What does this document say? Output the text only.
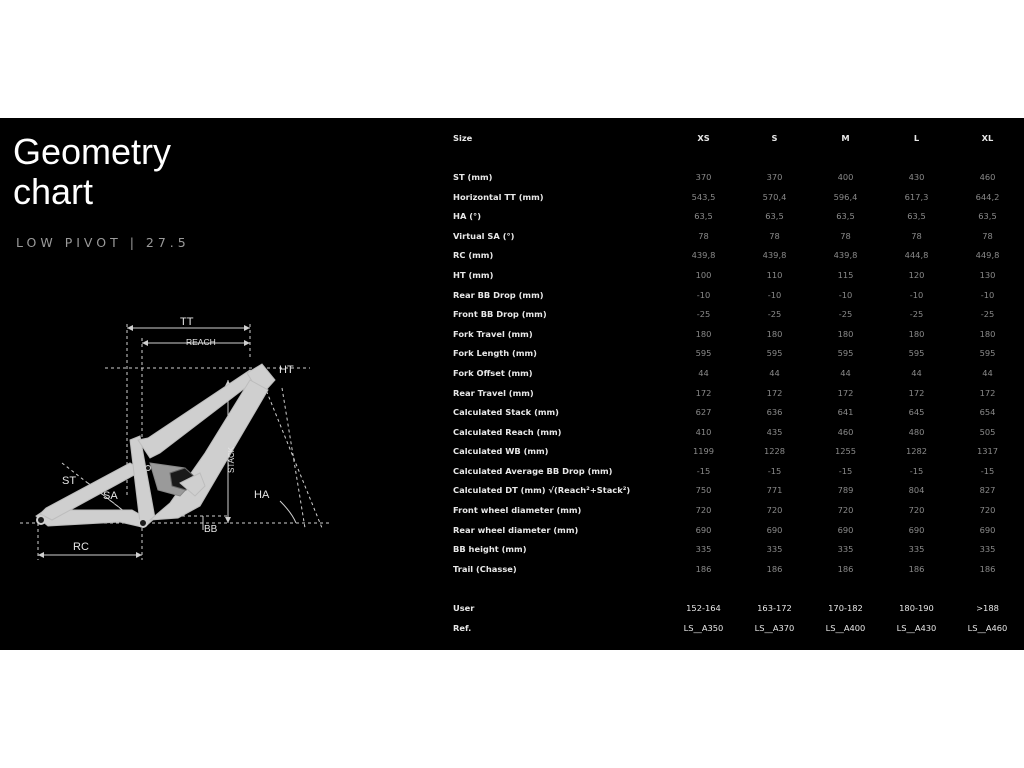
Geometry
chart
LOW PIVOT | 27.5
TT
REACH
HT
ST
SA	HA
BB
RC
STACK
Size	XS	S	M	L	XL

ST (mm)	370	370	400	430	460
Horizontal TT (mm)	543,5	570,4	596,4	617,3	644,2
HA (°)	63,5	63,5	63,5	63,5	63,5
Virtual SA (°)	78	78	78	78	78
RC (mm)	439,8	439,8	439,8	444,8	449,8
HT (mm)	100	110	115	120	130
Rear BB Drop (mm)	-10	-10	-10	-10	-10
Front BB Drop (mm)	-25	-25	-25	-25	-25
Fork Travel (mm)	180	180	180	180	180
Fork Length (mm)	595	595	595	595	595
Fork Offset (mm)	44	44	44	44	44
Rear Travel (mm)	172	172	172	172	172
Calculated Stack (mm)	627	636	641	645	654
Calculated Reach (mm)	410	435	460	480	505
Calculated WB (mm)	1199	1228	1255	1282	1317
Calculated Average BB Drop (mm)	-15	-15	-15	-15	-15
Calculated DT (mm) √(Reach²+Stack²)	750	771	789	804	827
Front wheel diameter (mm)	720	720	720	720	720
Rear wheel diameter (mm)	690	690	690	690	690
BB height (mm)	335	335	335	335	335
Trail (Chasse)	186	186	186	186	186

User	152-164	163-172	170-182	180-190	>188
Ref.	LS__A350	LS__A370	LS__A400	LS__A430	LS__A460
